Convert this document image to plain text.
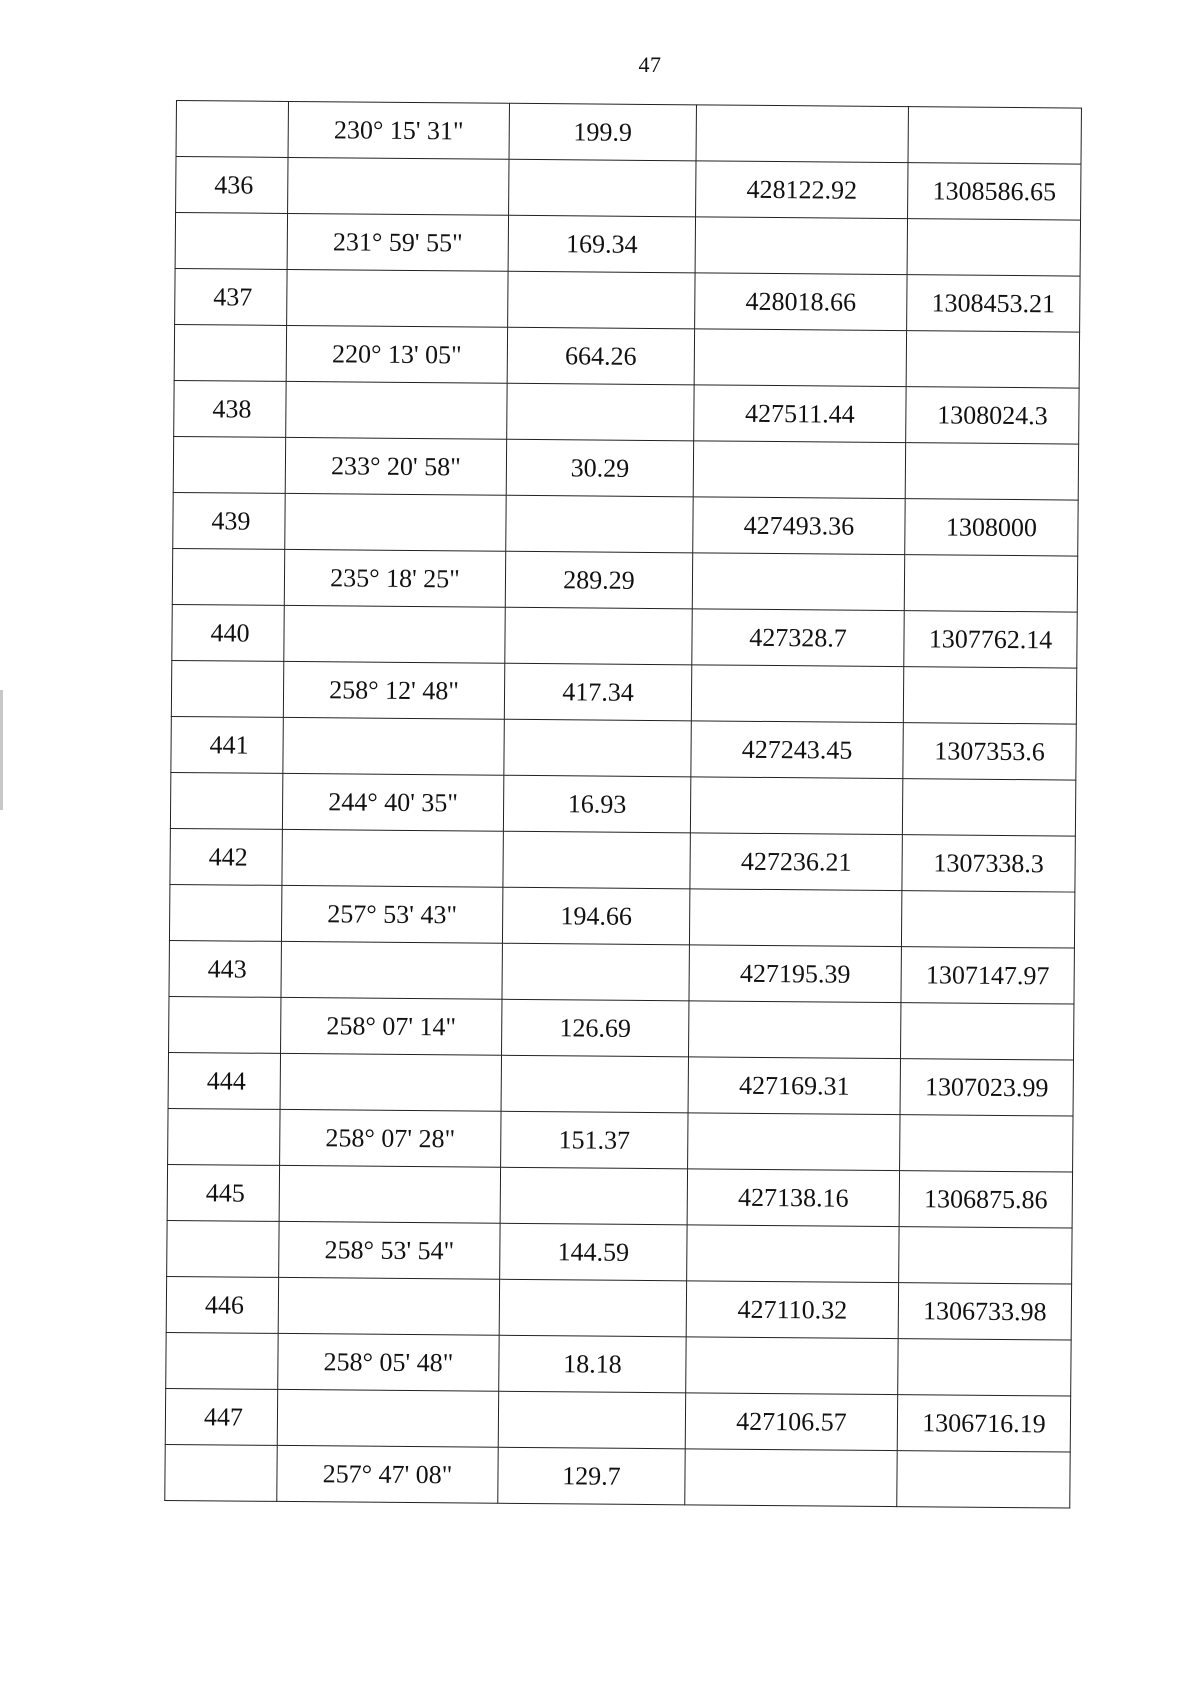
47
	230° 15' 31"	199.9		
436			428122.92	1308586.65
	231° 59' 55"	169.34		
437			428018.66	1308453.21
	220° 13' 05"	664.26		
438			427511.44	1308024.3
	233° 20' 58"	30.29		
439			427493.36	1308000
	235° 18' 25"	289.29		
440			427328.7	1307762.14
	258° 12' 48"	417.34		
441			427243.45	1307353.6
	244° 40' 35"	16.93		
442			427236.21	1307338.3
	257° 53' 43"	194.66		
443			427195.39	1307147.97
	258° 07' 14"	126.69		
444			427169.31	1307023.99
	258° 07' 28"	151.37		
445			427138.16	1306875.86
	258° 53' 54"	144.59		
446			427110.32	1306733.98
	258° 05' 48"	18.18		
447			427106.57	1306716.19
	257° 47' 08"	129.7		
